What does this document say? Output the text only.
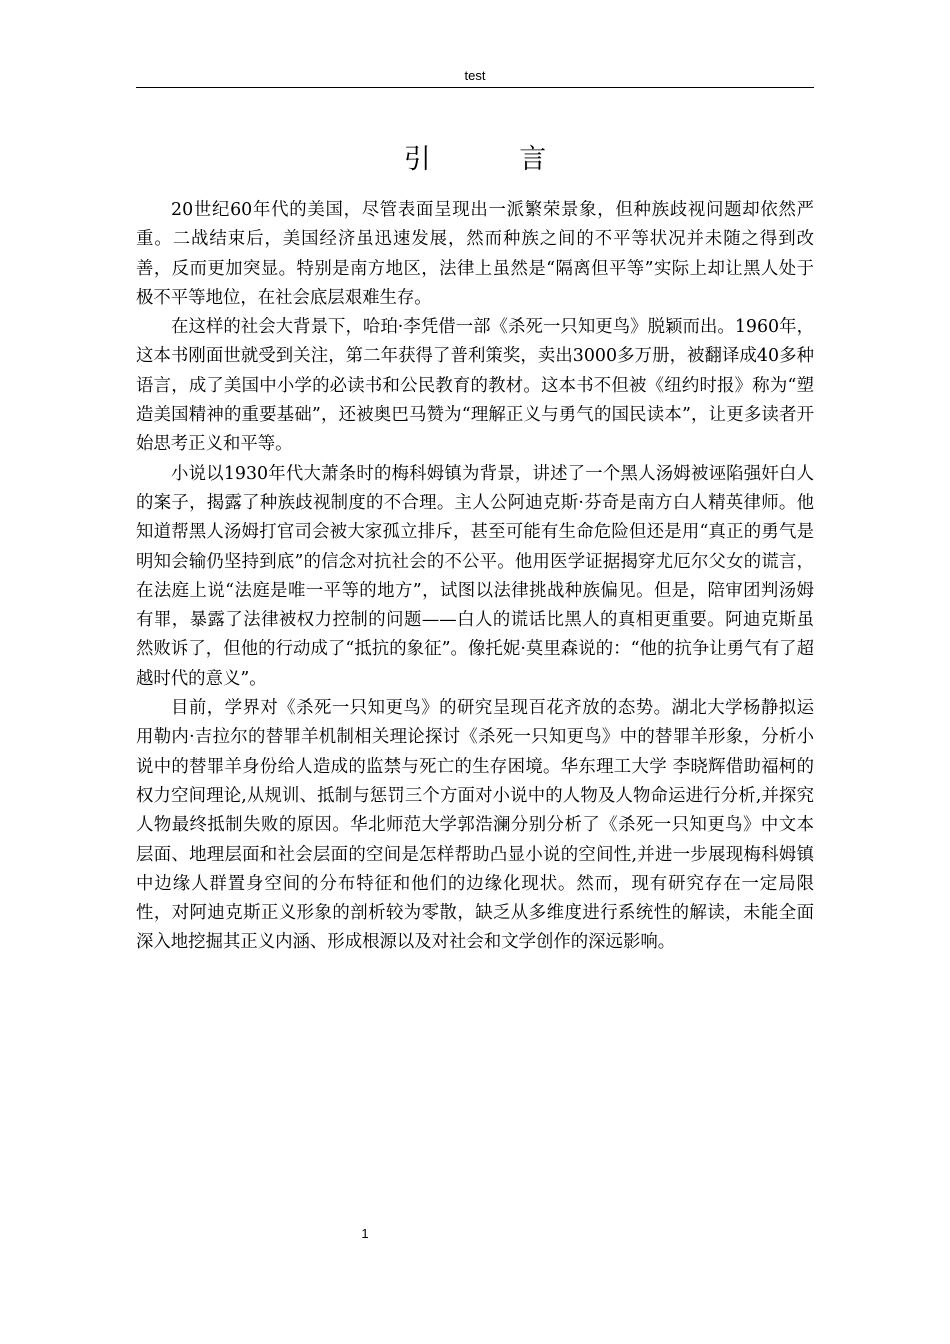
test
引 言

20世纪60年代的美国，尽管表面呈现出一派繁荣景象，但种族歧视问题却依然严重。二战结束后，美国经济虽迅速发展，然而种族之间的不平等状况并未随之得到改善，反而更加突显。特别是南方地区，法律上虽然是“隔离但平等”实际上却让黑人处于极不平等地位，在社会底层艰难生存。

在这样的社会大背景下，哈珀·李凭借一部《杀死一只知更鸟》脱颖而出。1960年，这本书刚面世就受到关注，第二年获得了普利策奖，卖出3000多万册，被翻译成40多种语言，成了美国中小学的必读书和公民教育的教材。这本书不但被《纽约时报》称为“塑造美国精神的重要基础”，还被奥巴马赞为“理解正义与勇气的国民读本”，让更多读者开始思考正义和平等。

小说以1930年代大萧条时的梅科姆镇为背景，讲述了一个黑人汤姆被诬陷强奸白人的案子，揭露了种族歧视制度的不合理。主人公阿迪克斯·芬奇是南方白人精英律师。他知道帮黑人汤姆打官司会被大家孤立排斥，甚至可能有生命危险但还是用“真正的勇气是明知会输仍坚持到底”的信念对抗社会的不公平。他用医学证据揭穿尤厄尔父女的谎言，在法庭上说“法庭是唯一平等的地方”，试图以法律挑战种族偏见。但是，陪审团判汤姆有罪，暴露了法律被权力控制的问题——白人的谎话比黑人的真相更重要。阿迪克斯虽然败诉了，但他的行动成了“抵抗的象征”。像托妮·莫里森说的：“他的抗争让勇气有了超越时代的意义”。

目前，学界对《杀死一只知更鸟》的研究呈现百花齐放的态势。湖北大学杨静拟运用勒内·吉拉尔的替罪羊机制相关理论探讨《杀死一只知更鸟》中的替罪羊形象，分析小说中的替罪羊身份给人造成的监禁与死亡的生存困境。华东理工大学 李晓辉借助福柯的权力空间理论,从规训、抵制与惩罚三个方面对小说中的人物及人物命运进行分析,并探究人物最终抵制失败的原因。华北师范大学郭浩澜分别分析了《杀死一只知更鸟》中文本层面、地理层面和社会层面的空间是怎样帮助凸显小说的空间性,并进一步展现梅科姆镇中边缘人群置身空间的分布特征和他们的边缘化现状。然而，现有研究存在一定局限性，对阿迪克斯正义形象的剖析较为零散，缺乏从多维度进行系统性的解读，未能全面深入地挖掘其正义内涵、形成根源以及对社会和文学创作的深远影响。

1
